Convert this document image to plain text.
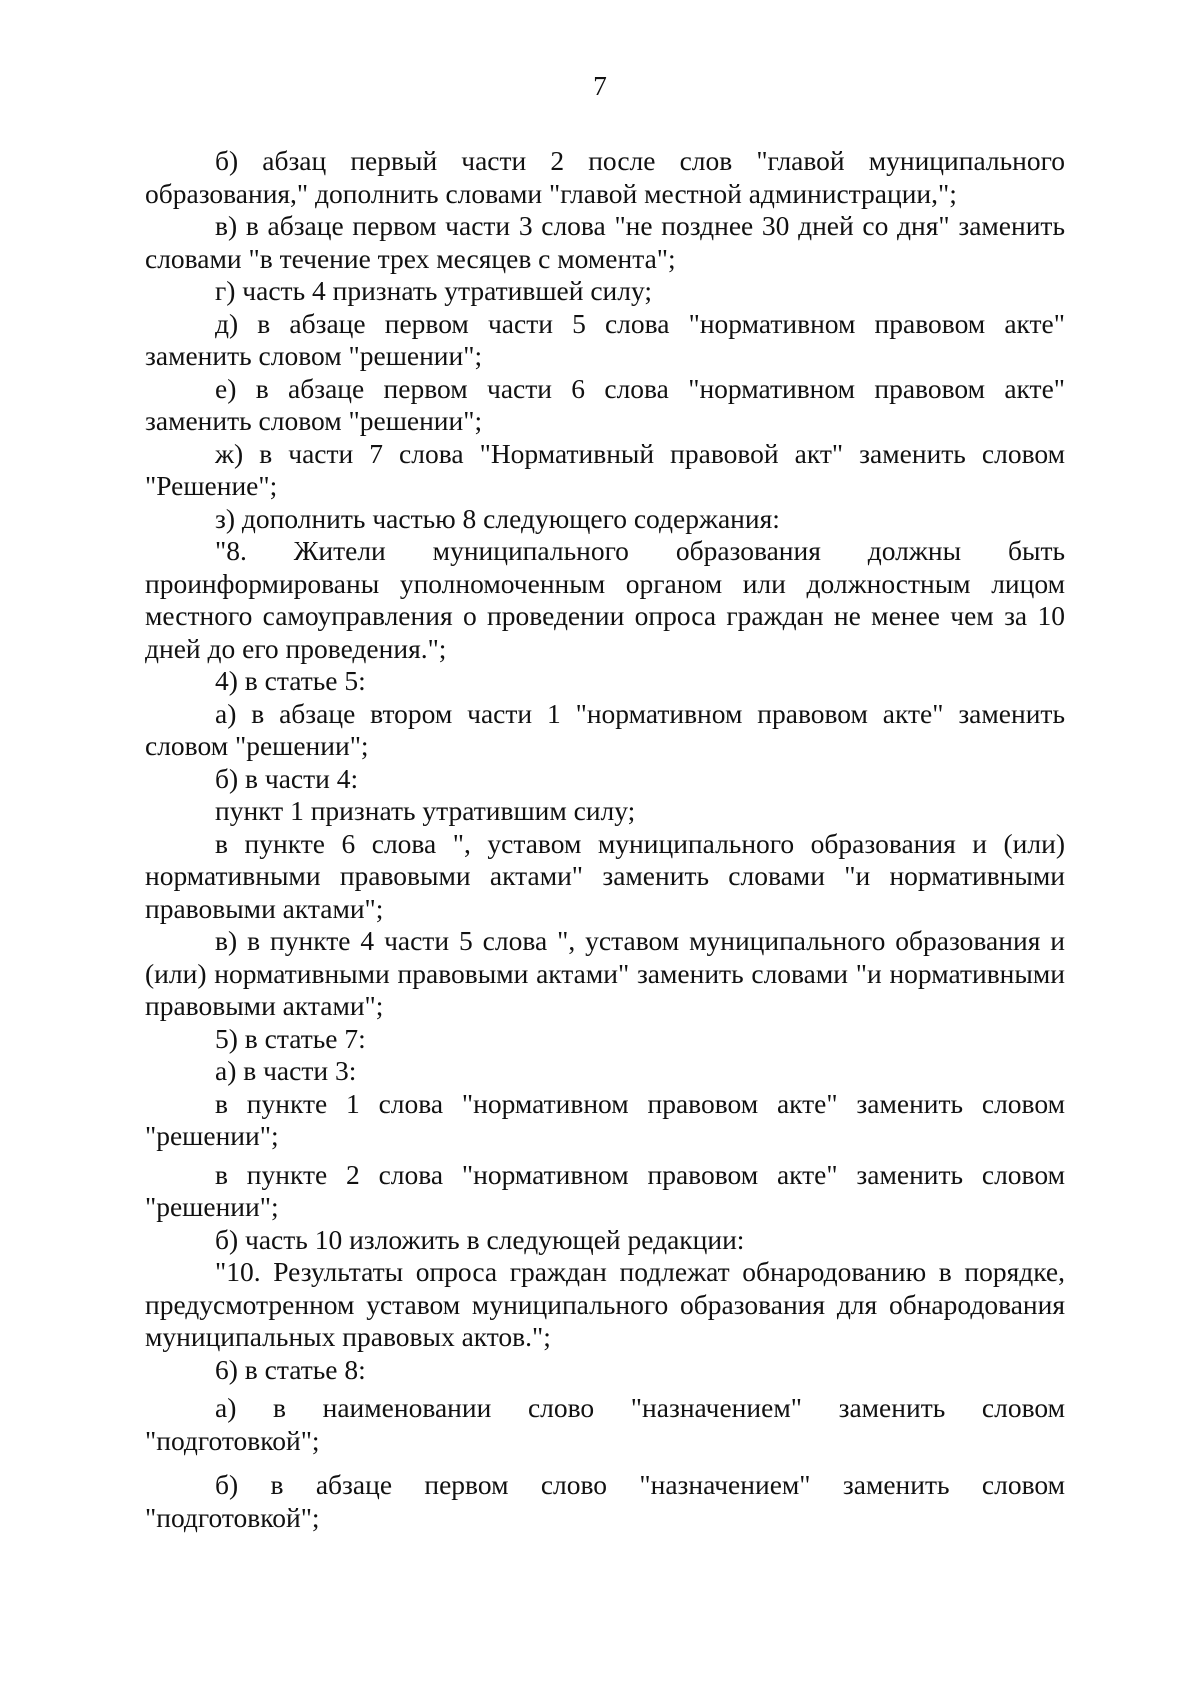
7

б) абзац первый части 2 после слов "главой муниципального образования," дополнить словами "главой местной администрации,";

в) в абзаце первом части 3 слова "не позднее 30 дней со дня" заменить словами "в течение трех месяцев с момента";

г) часть 4 признать утратившей силу;

д) в абзаце первом части 5 слова "нормативном правовом акте" заменить словом "решении";

е) в абзаце первом части 6 слова "нормативном правовом акте" заменить словом "решении";

ж) в части 7 слова "Нормативный правовой акт" заменить словом "Решение";

з) дополнить частью 8 следующего содержания:

"8. Жители муниципального образования должны быть проинформированы уполномоченным органом или должностным лицом местного самоуправления о проведении опроса граждан не менее чем за 10 дней до его проведения.";

4) в статье 5:

а) в абзаце втором части 1 "нормативном правовом акте" заменить словом "решении";

б) в части 4:

пункт 1 признать утратившим силу;

в пункте 6 слова ", уставом муниципального образования и (или) нормативными правовыми актами" заменить словами "и нормативными правовыми актами";

в) в пункте 4 части 5 слова ", уставом муниципального образования и (или) нормативными правовыми актами" заменить словами "и нормативными правовыми актами";

5) в статье 7:

а) в части 3:

в пункте 1 слова "нормативном правовом акте" заменить словом "решении";

в пункте 2 слова "нормативном правовом акте" заменить словом "решении";

б) часть 10 изложить в следующей редакции:

"10. Результаты опроса граждан подлежат обнародованию в порядке, предусмотренном уставом муниципального образования для обнародования муниципальных правовых актов.";

6) в статье 8:

а) в наименовании слово "назначением" заменить словом "подготовкой";

б) в абзаце первом слово "назначением" заменить словом "подготовкой";
